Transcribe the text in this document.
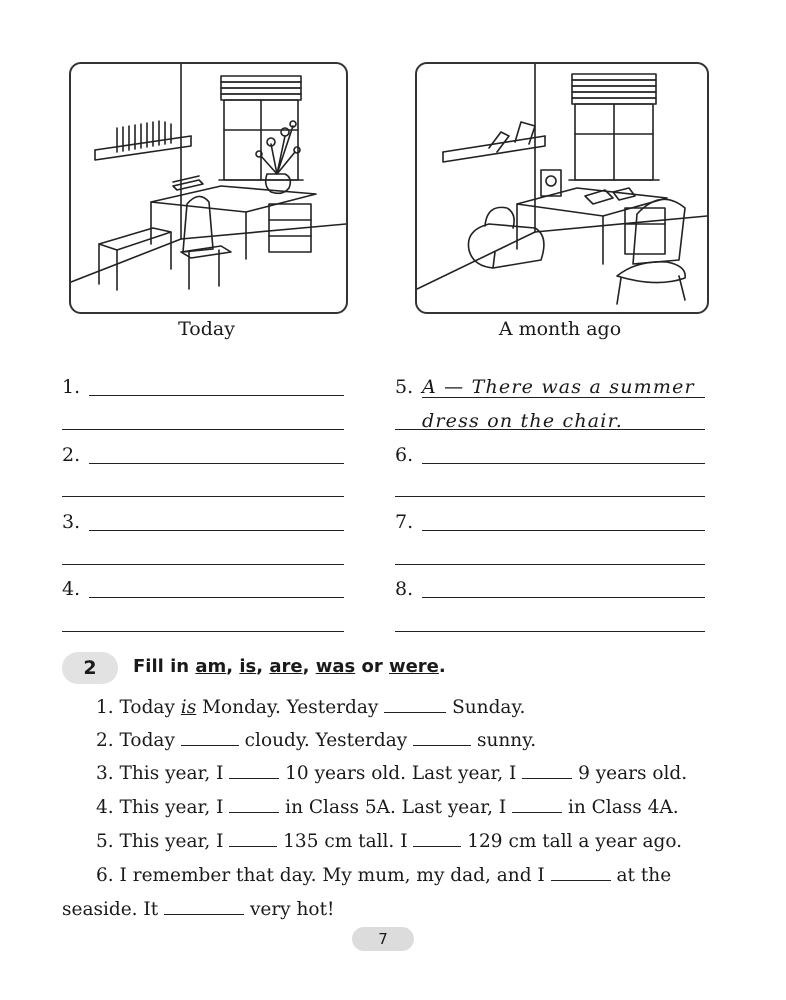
Today	A month ago
1.
2.
3.
4.
5. A — There was a summer
dress on the chair.
6.
7.
8.
2	Fill in am, is, are, was or were.
1. Today is Monday. Yesterday	Sunday.
2. Today	cloudy. Yesterday	sunny.
3. This year, I	10 years old. Last year, I	9 years old.
4. This year, I	in Class 5A. Last year, I	in Class 4A.
5. This year, I	135 cm tall. I	129 cm tall a year ago.
6. I remember that day. My mum, my dad, and I	at the
seaside. It	very hot!
7
